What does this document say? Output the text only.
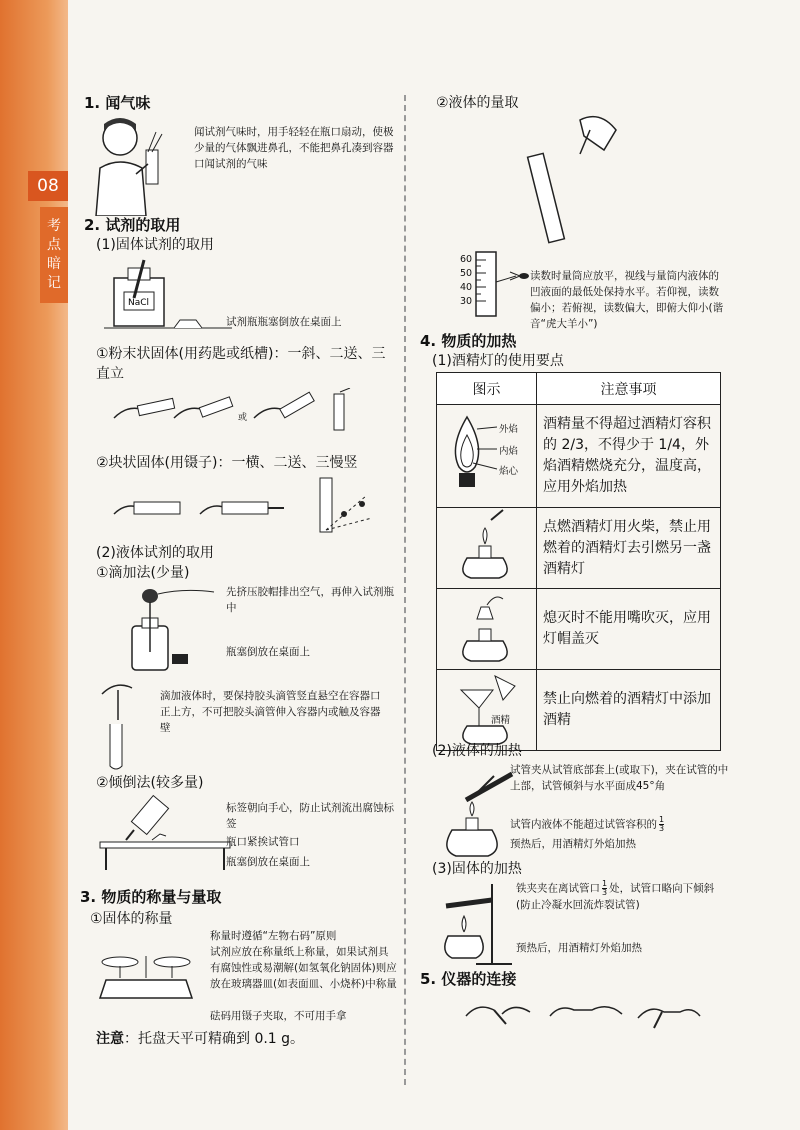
08
考
点
暗
记
1. 闻气味
闻试剂气味时，用手轻轻在瓶口扇动，使极少量的气体飘进鼻孔，不能把鼻孔凑到容器口闻试剂的气味
2. 试剂的取用
(1)固体试剂的取用
NaCl
试剂瓶瓶塞倒放在桌面上
①粉末状固体(用药匙或纸槽)：一斜、二送、三直立
或
②块状固体(用镊子)：一横、二送、三慢竖
(2)液体试剂的取用
①滴加法(少量)
先挤压胶帽排出空气，再伸入试剂瓶中
瓶塞倒放在桌面上
滴加液体时，要保持胶头滴管竖直悬空在容器口正上方，不可把胶头滴管伸入容器内或触及容器壁
②倾倒法(较多量)
标签朝向手心，防止试剂流出腐蚀标签
瓶口紧挨试管口
瓶塞倒放在桌面上
3. 物质的称量与量取
①固体的称量
称量时遵循“左物右码”原则
试剂应放在称量纸上称量，如果试剂具有腐蚀性或易潮解(如氢氧化钠固体)则应放在玻璃器皿(如表面皿、小烧杯)中称量
砝码用镊子夹取，不可用手拿
注意：托盘天平可精确到 0.1 g。
②液体的量取
60
50
40
30
读数时量筒应放平，视线与量筒内液体的凹液面的最低处保持水平。若仰视，读数偏小；若俯视，读数偏大，即俯大仰小(谐音“虎大羊小”)
4. 物质的加热
(1)酒精灯的使用要点
图示	注意事项

外焰
内焰
焰心	酒精量不得超过酒精灯容积的 2/3，不得少于 1/4，外焰酒精燃烧充分，温度高，应用外焰加热

	点燃酒精灯用火柴，禁止用燃着的酒精灯去引燃另一盏酒精灯

	熄灭时不能用嘴吹灭，应用灯帽盖灭

酒精	禁止向燃着的酒精灯中添加酒精
(2)液体的加热
试管夹从试管底部套上(或取下)，夹在试管的中上部，试管倾斜与水平面成45°角
试管内液体不能超过试管容积的 $\frac{1}{3}$
预热后，用酒精灯外焰加热
(3)固体的加热
铁夹夹在离试管口 $\frac{1}{3}$ 处，试管口略向下倾斜(防止冷凝水回流炸裂试管)
预热后，用酒精灯外焰加热
5. 仪器的连接
